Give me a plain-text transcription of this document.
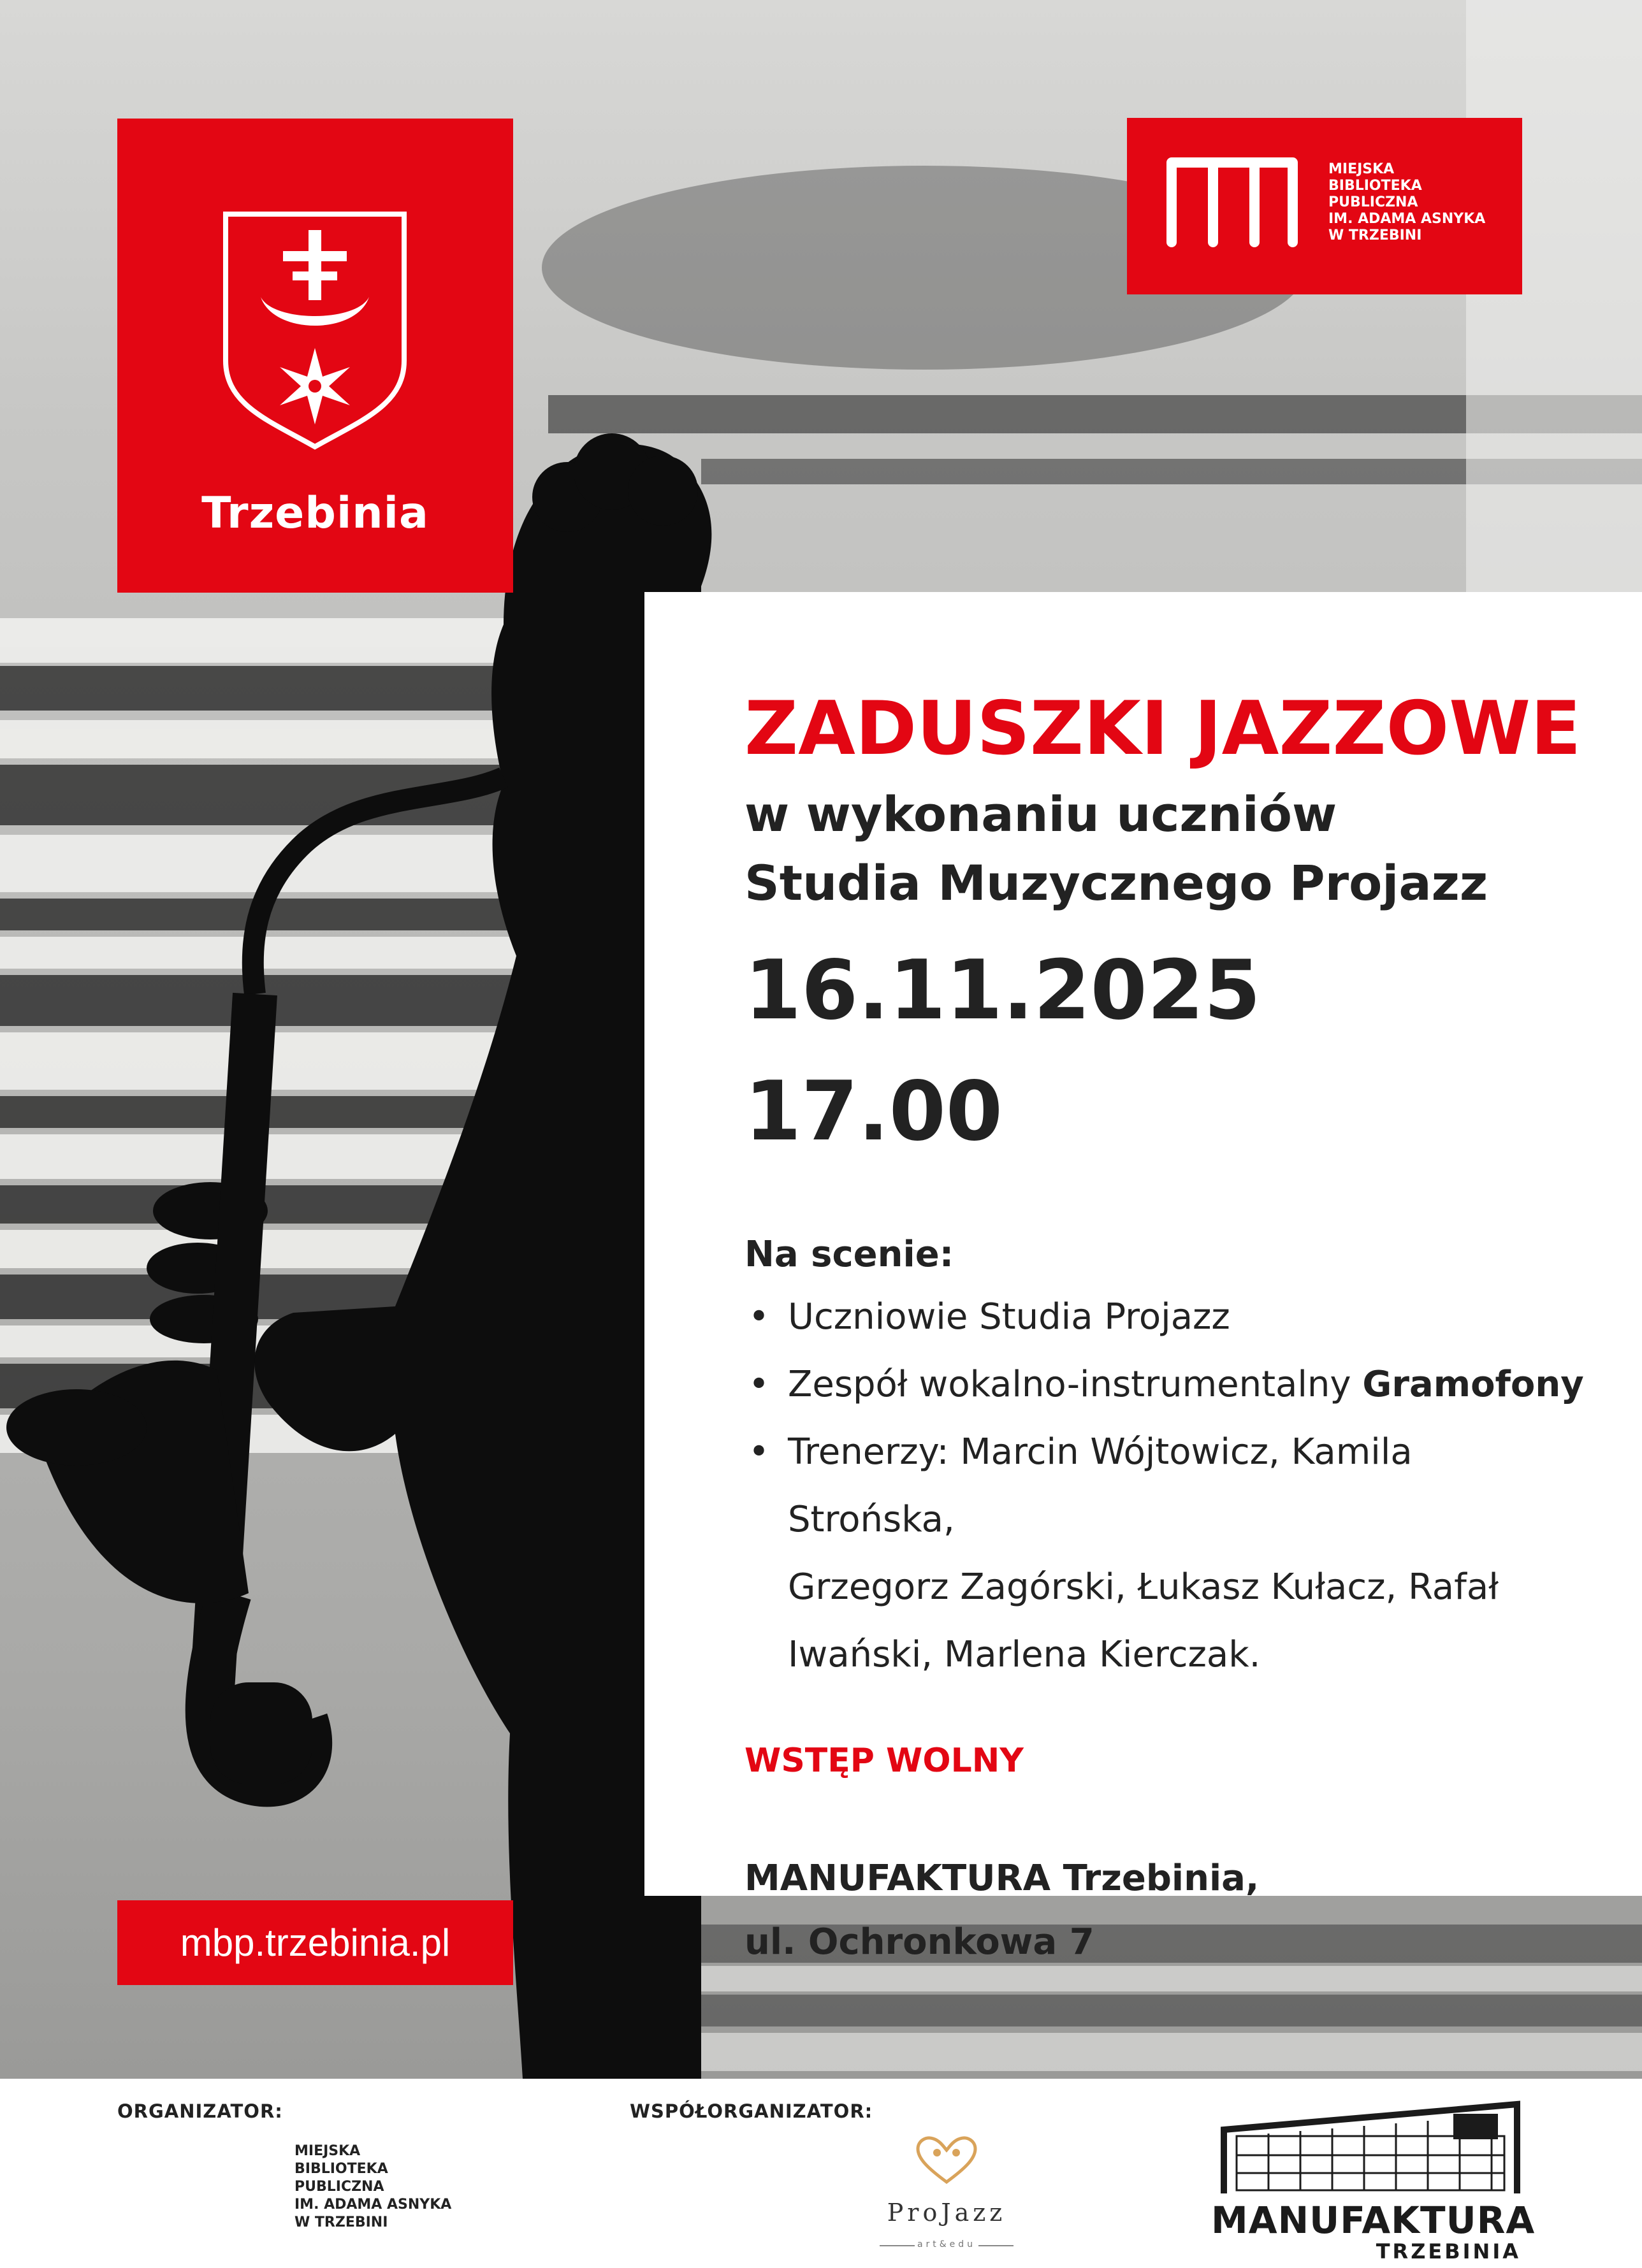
Trzebinia
MIEJSKA
BIBLIOTEKA
PUBLICZNA
IM. ADAMA ASNYKA
W TRZEBINI
ZADUSZKI JAZZOWE
w wykonaniu uczniów
Studia Muzycznego Projazz
16.11.2025
17.00
Na scenie:
• Uczniowie Studia Projazz
• Zespół wokalno-instrumentalny Gramofony
• Trenerzy: Marcin Wójtowicz, Kamila Strońska,
Grzegorz Zagórski, Łukasz Kułacz, Rafał
Iwański, Marlena Kierczak.
WSTĘP WOLNY
MANUFAKTURA Trzebinia,
ul. Ochronkowa 7
mbp.trzebinia.pl
ORGANIZATOR:
MIEJSKA
BIBLIOTEKA
PUBLICZNA
IM. ADAMA ASNYKA
W TRZEBINI
WSPÓŁORGANIZATOR:
ProJazz
art&edu
MANUFAKTURA
TRZEBINIA
